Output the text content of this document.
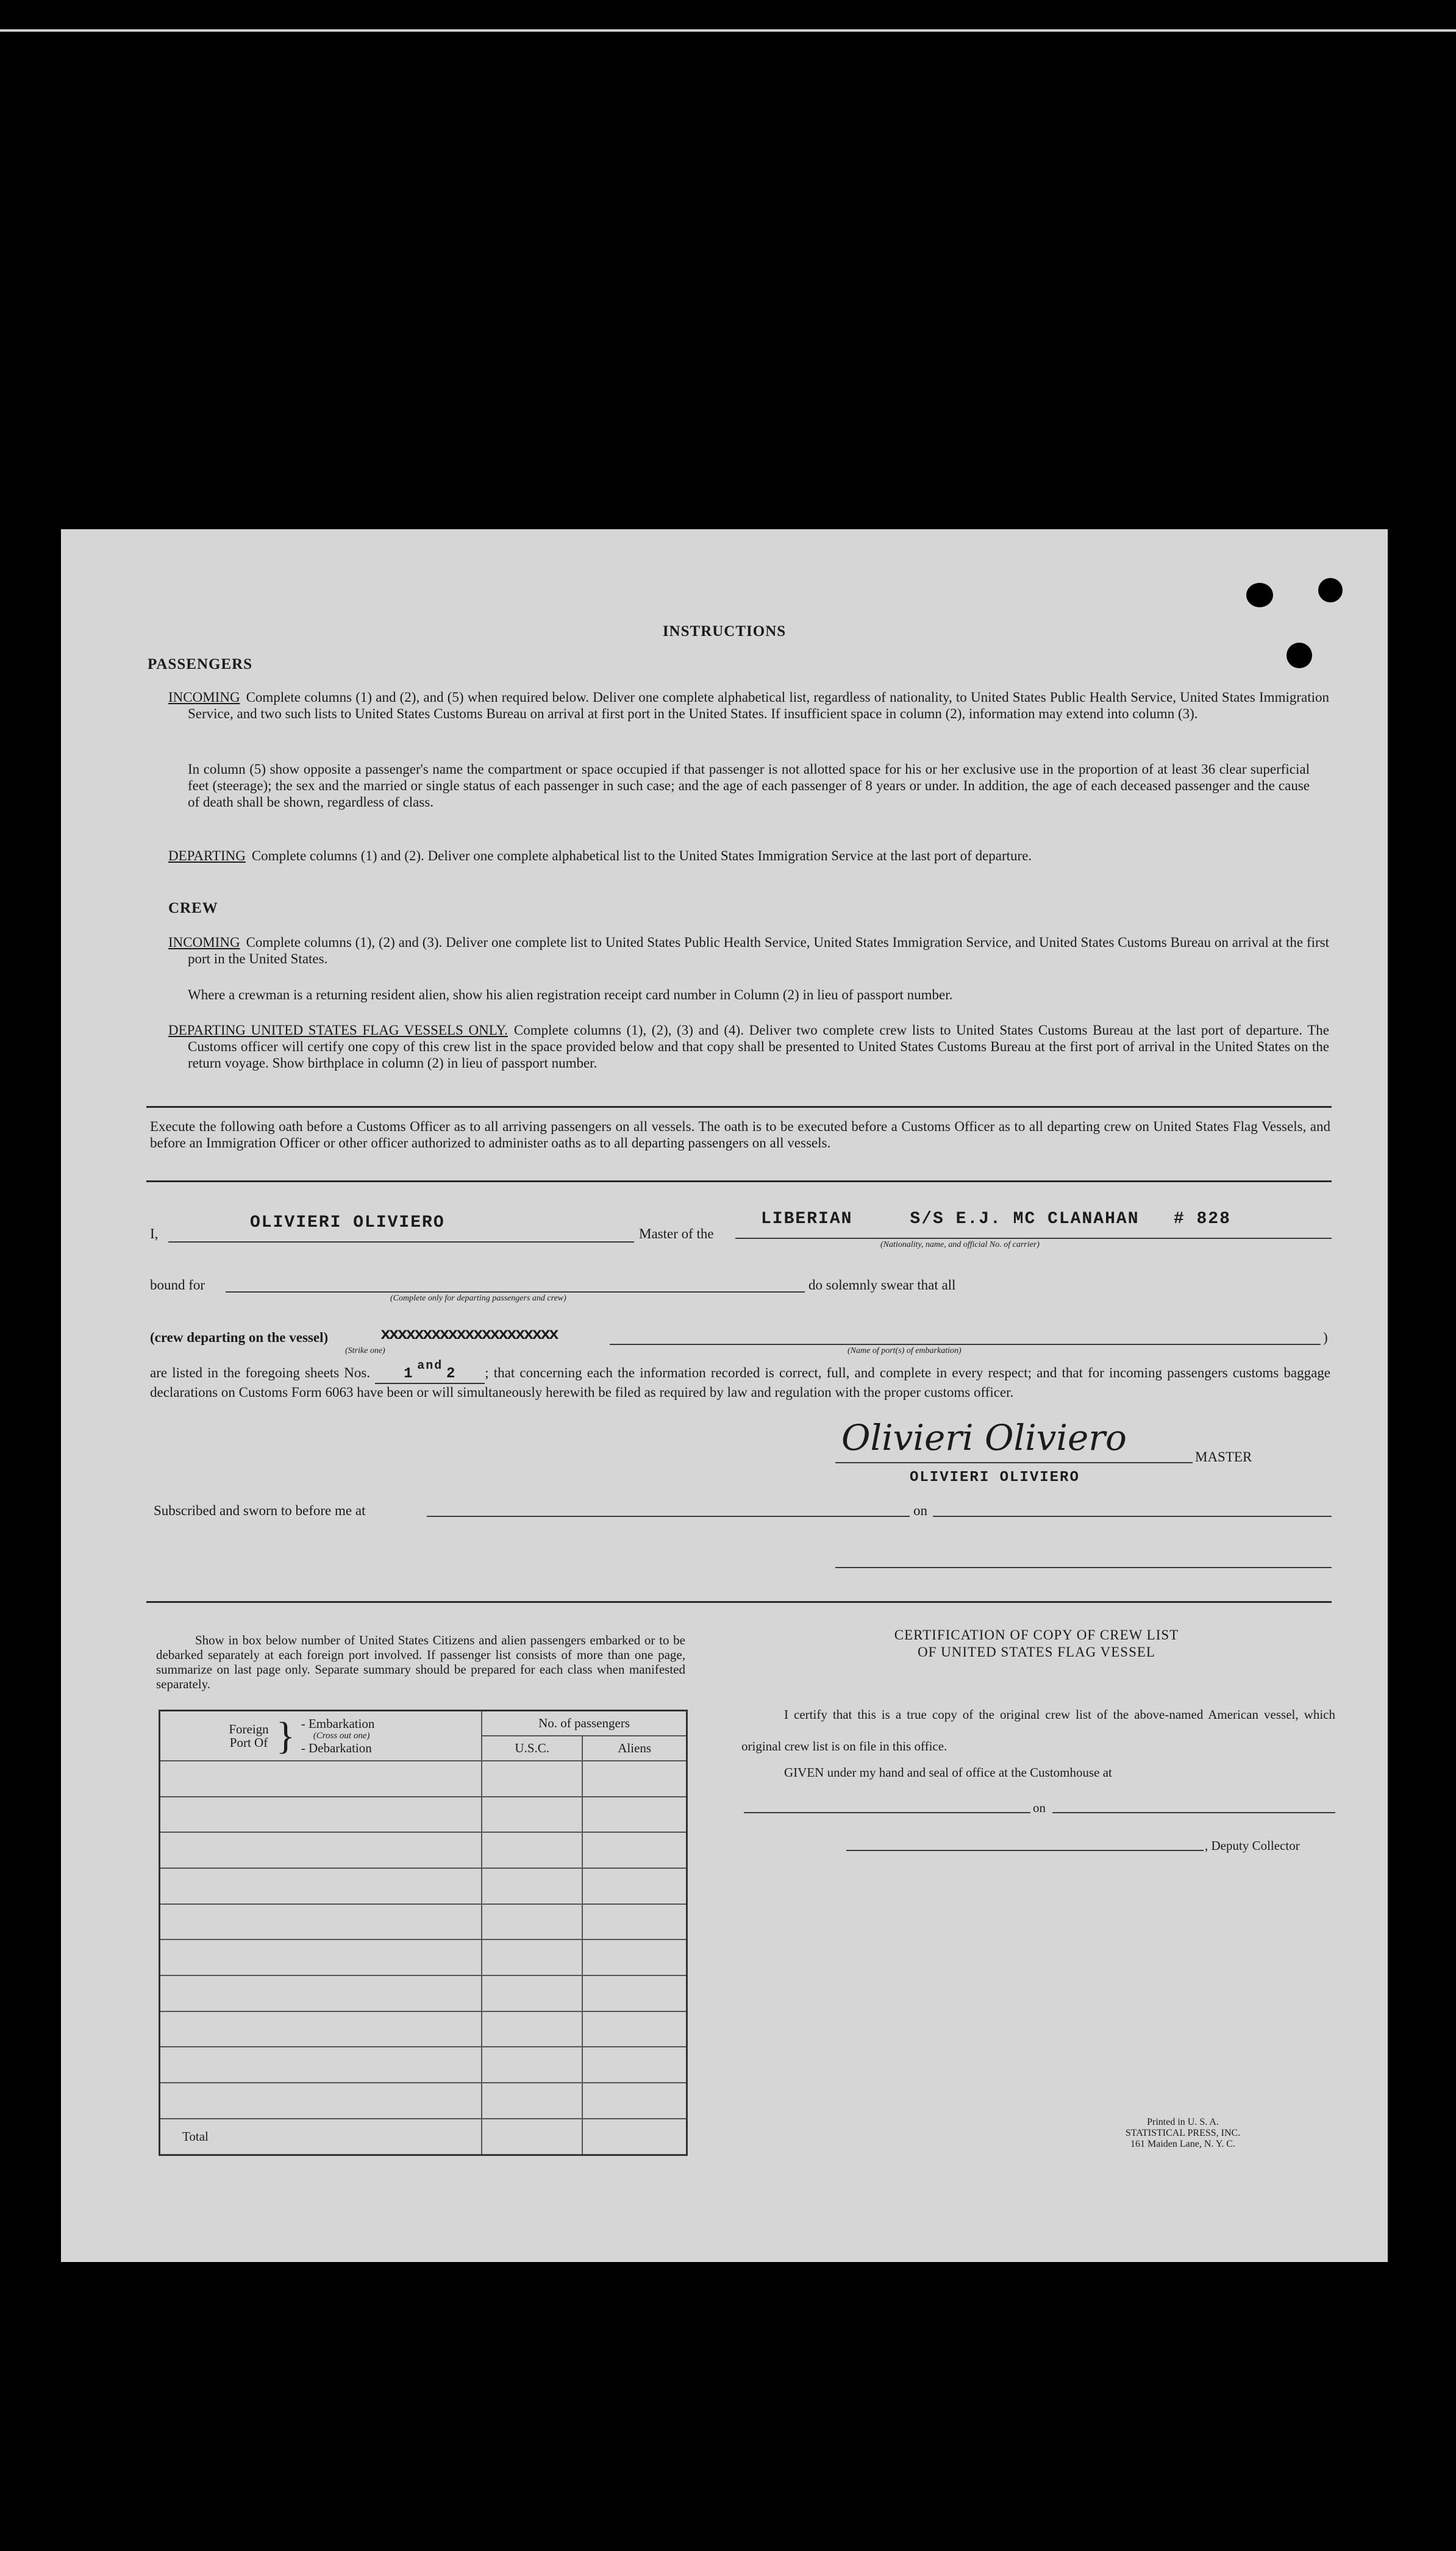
INSTRUCTIONS
PASSENGERS
INCOMING Complete columns (1) and (2), and (5) when required below. Deliver one complete alphabetical list, regardless of nationality, to United States Public Health Service, United States Immigration Service, and two such lists to United States Customs Bureau on arrival at first port in the United States. If insufficient space in column (2), information may extend into column (3).
In column (5) show opposite a passenger's name the compartment or space occupied if that passenger is not allotted space for his or her exclusive use in the proportion of at least 36 clear superficial feet (steerage); the sex and the married or single status of each passenger in such case; and the age of each passenger of 8 years or under. In addition, the age of each deceased passenger and the cause of death shall be shown, regardless of class.
DEPARTING Complete columns (1) and (2). Deliver one complete alphabetical list to the United States Immigration Service at the last port of departure.
CREW
INCOMING Complete columns (1), (2) and (3). Deliver one complete list to United States Public Health Service, United States Immigration Service, and United States Customs Bureau on arrival at the first port in the United States.
Where a crewman is a returning resident alien, show his alien registration receipt card number in Column (2) in lieu of passport number.
DEPARTING UNITED STATES FLAG VESSELS ONLY. Complete columns (1), (2), (3) and (4). Deliver two complete crew lists to United States Customs Bureau at the last port of departure. The Customs officer will certify one copy of this crew list in the space provided below and that copy shall be presented to United States Customs Bureau at the first port of arrival in the United States on the return voyage. Show birthplace in column (2) in lieu of passport number.
Execute the following oath before a Customs Officer as to all arriving passengers on all vessels. The oath is to be executed before a Customs Officer as to all departing crew on United States Flag Vessels, and before an Immigration Officer or other officer authorized to administer oaths as to all departing passengers on all vessels.
I,
OLIVIERI OLIVIERO
Master of the
LIBERIAN     S/S E.J. MC CLANAHAN   # 828
(Nationality, name, and official No. of carrier)
bound for
(Complete only for departing passengers and crew)
do solemnly swear that all
(crew departing on the vessel)	xxxxxxxxxxxxxxxxxxxxx
(Strike one)	(Name of port(s) of embarkation)
)
are listed in the foregoing sheets Nos. 1 and 2 ; that concerning each the information recorded is correct, full, and complete in every respect; and that for incoming passengers customs baggage declarations on Customs Form 6063 have been or will simultaneously herewith be filed as required by law and regulation with the proper customs officer.
Olivieri Oliviero	MASTER
OLIVIERI OLIVIERO
Subscribed and sworn to before me at	on
Show in box below number of United States Citizens and alien passengers embarked or to be debarked separately at each foreign port involved. If passenger list consists of more than one page, summarize on last page only. Separate summary should be prepared for each class when manifested separately.
Foreign Port Of } - Embarkation
(Cross out one)
- Debarkation	No. of passengers	
	U.S.C.	Aliens

Total		
CERTIFICATION OF COPY OF CREW LIST
OF UNITED STATES FLAG VESSEL
I certify that this is a true copy of the original crew list of the above-named American vessel, which original crew list is on file in this office.
GIVEN under my hand and seal of office at the Customhouse at
on
, Deputy Collector
Printed in U. S. A.
STATISTICAL PRESS, INC.
161 Maiden Lane, N. Y. C.
